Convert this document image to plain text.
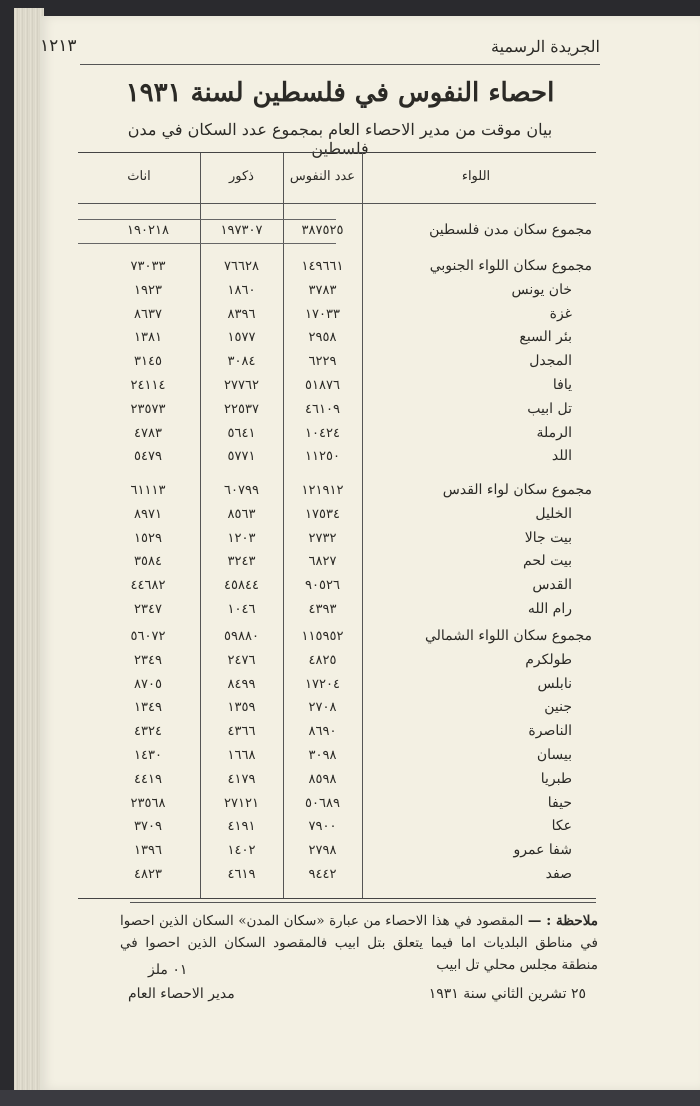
الجريدة الرسمية
١٢١٣
احصاء النفوس في فلسطين لسنة ١٩٣١
بيان موقت من مدير الاحصاء العام بمجموع عدد السكان في مدن فلسطين
اللواء
عدد النفوس
ذكور
اناث
مجموع سكان مدن فلسطين
٣٨٧٥٢٥
١٩٧٣٠٧
١٩٠٢١٨
مجموع سكان اللواء الجنوبي
١٤٩٦٦١
٧٦٦٢٨
٧٣٠٣٣
خان يونس
٣٧٨٣
١٨٦٠
١٩٢٣
غزة
١٧٠٣٣
٨٣٩٦
٨٦٣٧
بئر السبع
٢٩٥٨
١٥٧٧
١٣٨١
المجدل
٦٢٢٩
٣٠٨٤
٣١٤٥
يافا
٥١٨٧٦
٢٧٧٦٢
٢٤١١٤
تل ابيب
٤٦١٠٩
٢٢٥٣٧
٢٣٥٧٣
الرملة
١٠٤٢٤
٥٦٤١
٤٧٨٣
اللد
١١٢٥٠
٥٧٧١
٥٤٧٩
مجموع سكان لواء القدس
١٢١٩١٢
٦٠٧٩٩
٦١١١٣
الخليل
١٧٥٣٤
٨٥٦٣
٨٩٧١
بيت جالا
٢٧٣٢
١٢٠٣
١٥٢٩
بيت لحم
٦٨٢٧
٣٢٤٣
٣٥٨٤
القدس
٩٠٥٢٦
٤٥٨٤٤
٤٤٦٨٢
رام الله
٤٣٩٣
١٠٤٦
٢٣٤٧
مجموع سكان اللواء الشمالي
١١٥٩٥٢
٥٩٨٨٠
٥٦٠٧٢
طولكرم
٤٨٢٥
٢٤٧٦
٢٣٤٩
نابلس
١٧٢٠٤
٨٤٩٩
٨٧٠٥
جنين
٢٧٠٨
١٣٥٩
١٣٤٩
الناصرة
٨٦٩٠
٤٣٦٦
٤٣٢٤
بيسان
٣٠٩٨
١٦٦٨
١٤٣٠
طبريا
٨٥٩٨
٤١٧٩
٤٤١٩
حيفا
٥٠٦٨٩
٢٧١٢١
٢٣٥٦٨
عكا
٧٩٠٠
٤١٩١
٣٧٠٩
شفا عمرو
٢٧٩٨
١٤٠٢
١٣٩٦
صفد
٩٤٤٢
٤٦١٩
٤٨٢٣
ملاحظة : — المقصود في هذا الاحصاء من عبارة «سكان المدن» السكان الذين احصوا في مناطق البلديات اما فيما يتعلق بتل ابيب فالمقصود السكان الذين احصوا في منطقة مجلس محلي تل ابيب
٢٥ تشرين الثاني سنة ١٩٣١
٠١ ملز
مدير الاحصاء العام
